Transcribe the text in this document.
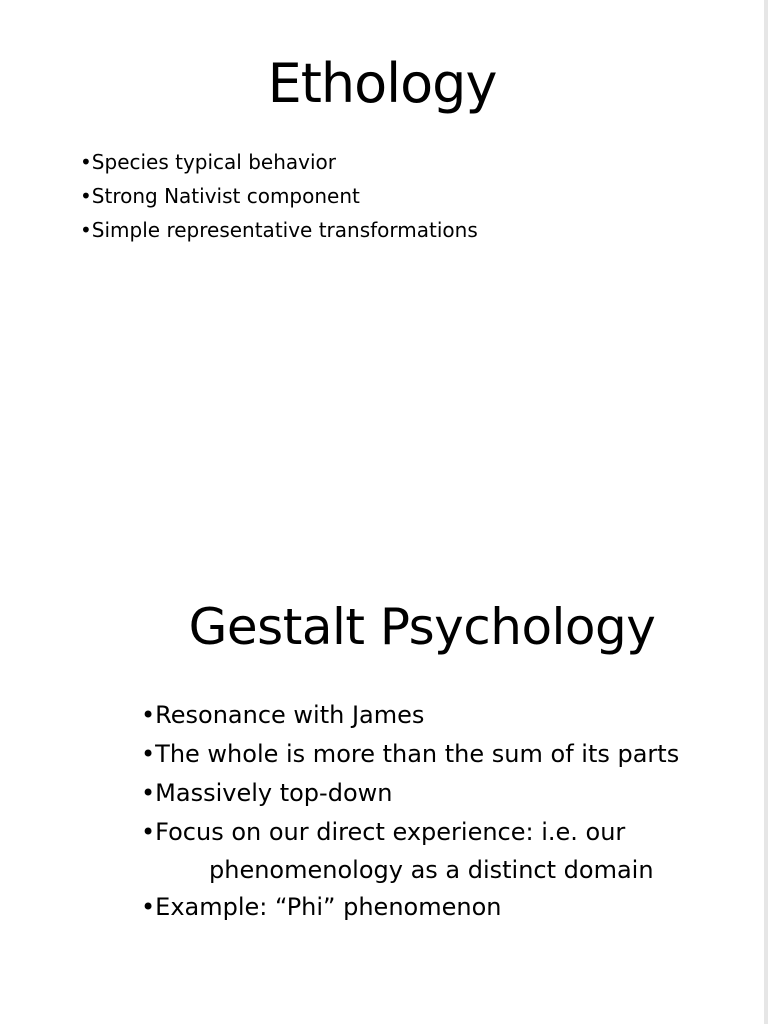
Ethology
•Species typical behavior
•Strong Nativist component
•Simple representative transformations
Gestalt Psychology
•Resonance with James
•The whole is more than the sum of its parts
•Massively top-down
•Focus on our direct experience: i.e. our
phenomenology as a distinct domain
•Example: “Phi” phenomenon
